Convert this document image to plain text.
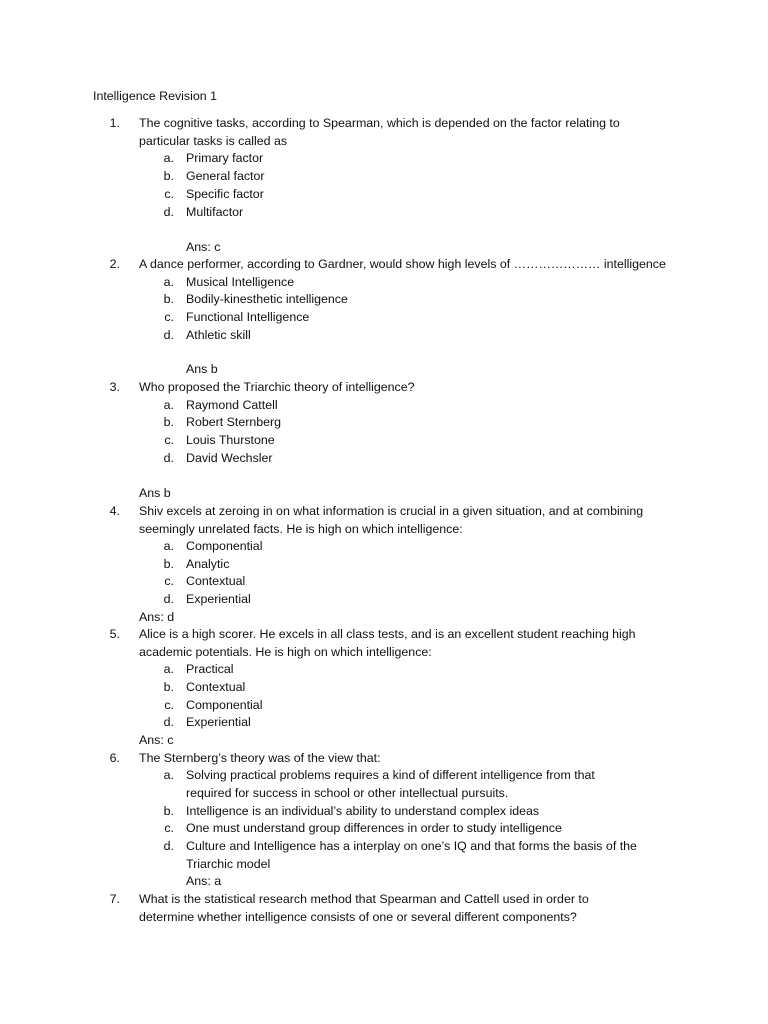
Intelligence Revision 1
1. The cognitive tasks, according to Spearman, which is depended on the factor relating to
particular tasks is called as
a. Primary factor
b. General factor
c. Specific factor
d. Multifactor
Ans: c
2. A dance performer, according to Gardner, would show high levels of ………………… intelligence
a. Musical Intelligence
b. Bodily-kinesthetic intelligence
c. Functional Intelligence
d. Athletic skill
Ans b
3. Who proposed the Triarchic theory of intelligence?
a. Raymond Cattell
b. Robert Sternberg
c. Louis Thurstone
d. David Wechsler
Ans b
4. Shiv excels at zeroing in on what information is crucial in a given situation, and at combining
seemingly unrelated facts. He is high on which intelligence:
a. Componential
b. Analytic
c. Contextual
d. Experiential
Ans: d
5. Alice is a high scorer. He excels in all class tests, and is an excellent student reaching high
academic potentials. He is high on which intelligence:
a. Practical
b. Contextual
c. Componential
d. Experiential
Ans: c
6. The Sternberg’s theory was of the view that:
a. Solving practical problems requires a kind of different intelligence from that
required for success in school or other intellectual pursuits.
b. Intelligence is an individual’s ability to understand complex ideas
c. One must understand group differences in order to study intelligence
d. Culture and Intelligence has a interplay on one’s IQ and that forms the basis of the
Triarchic model
Ans: a
7. What is the statistical research method that Spearman and Cattell used in order to
determine whether intelligence consists of one or several different components?
